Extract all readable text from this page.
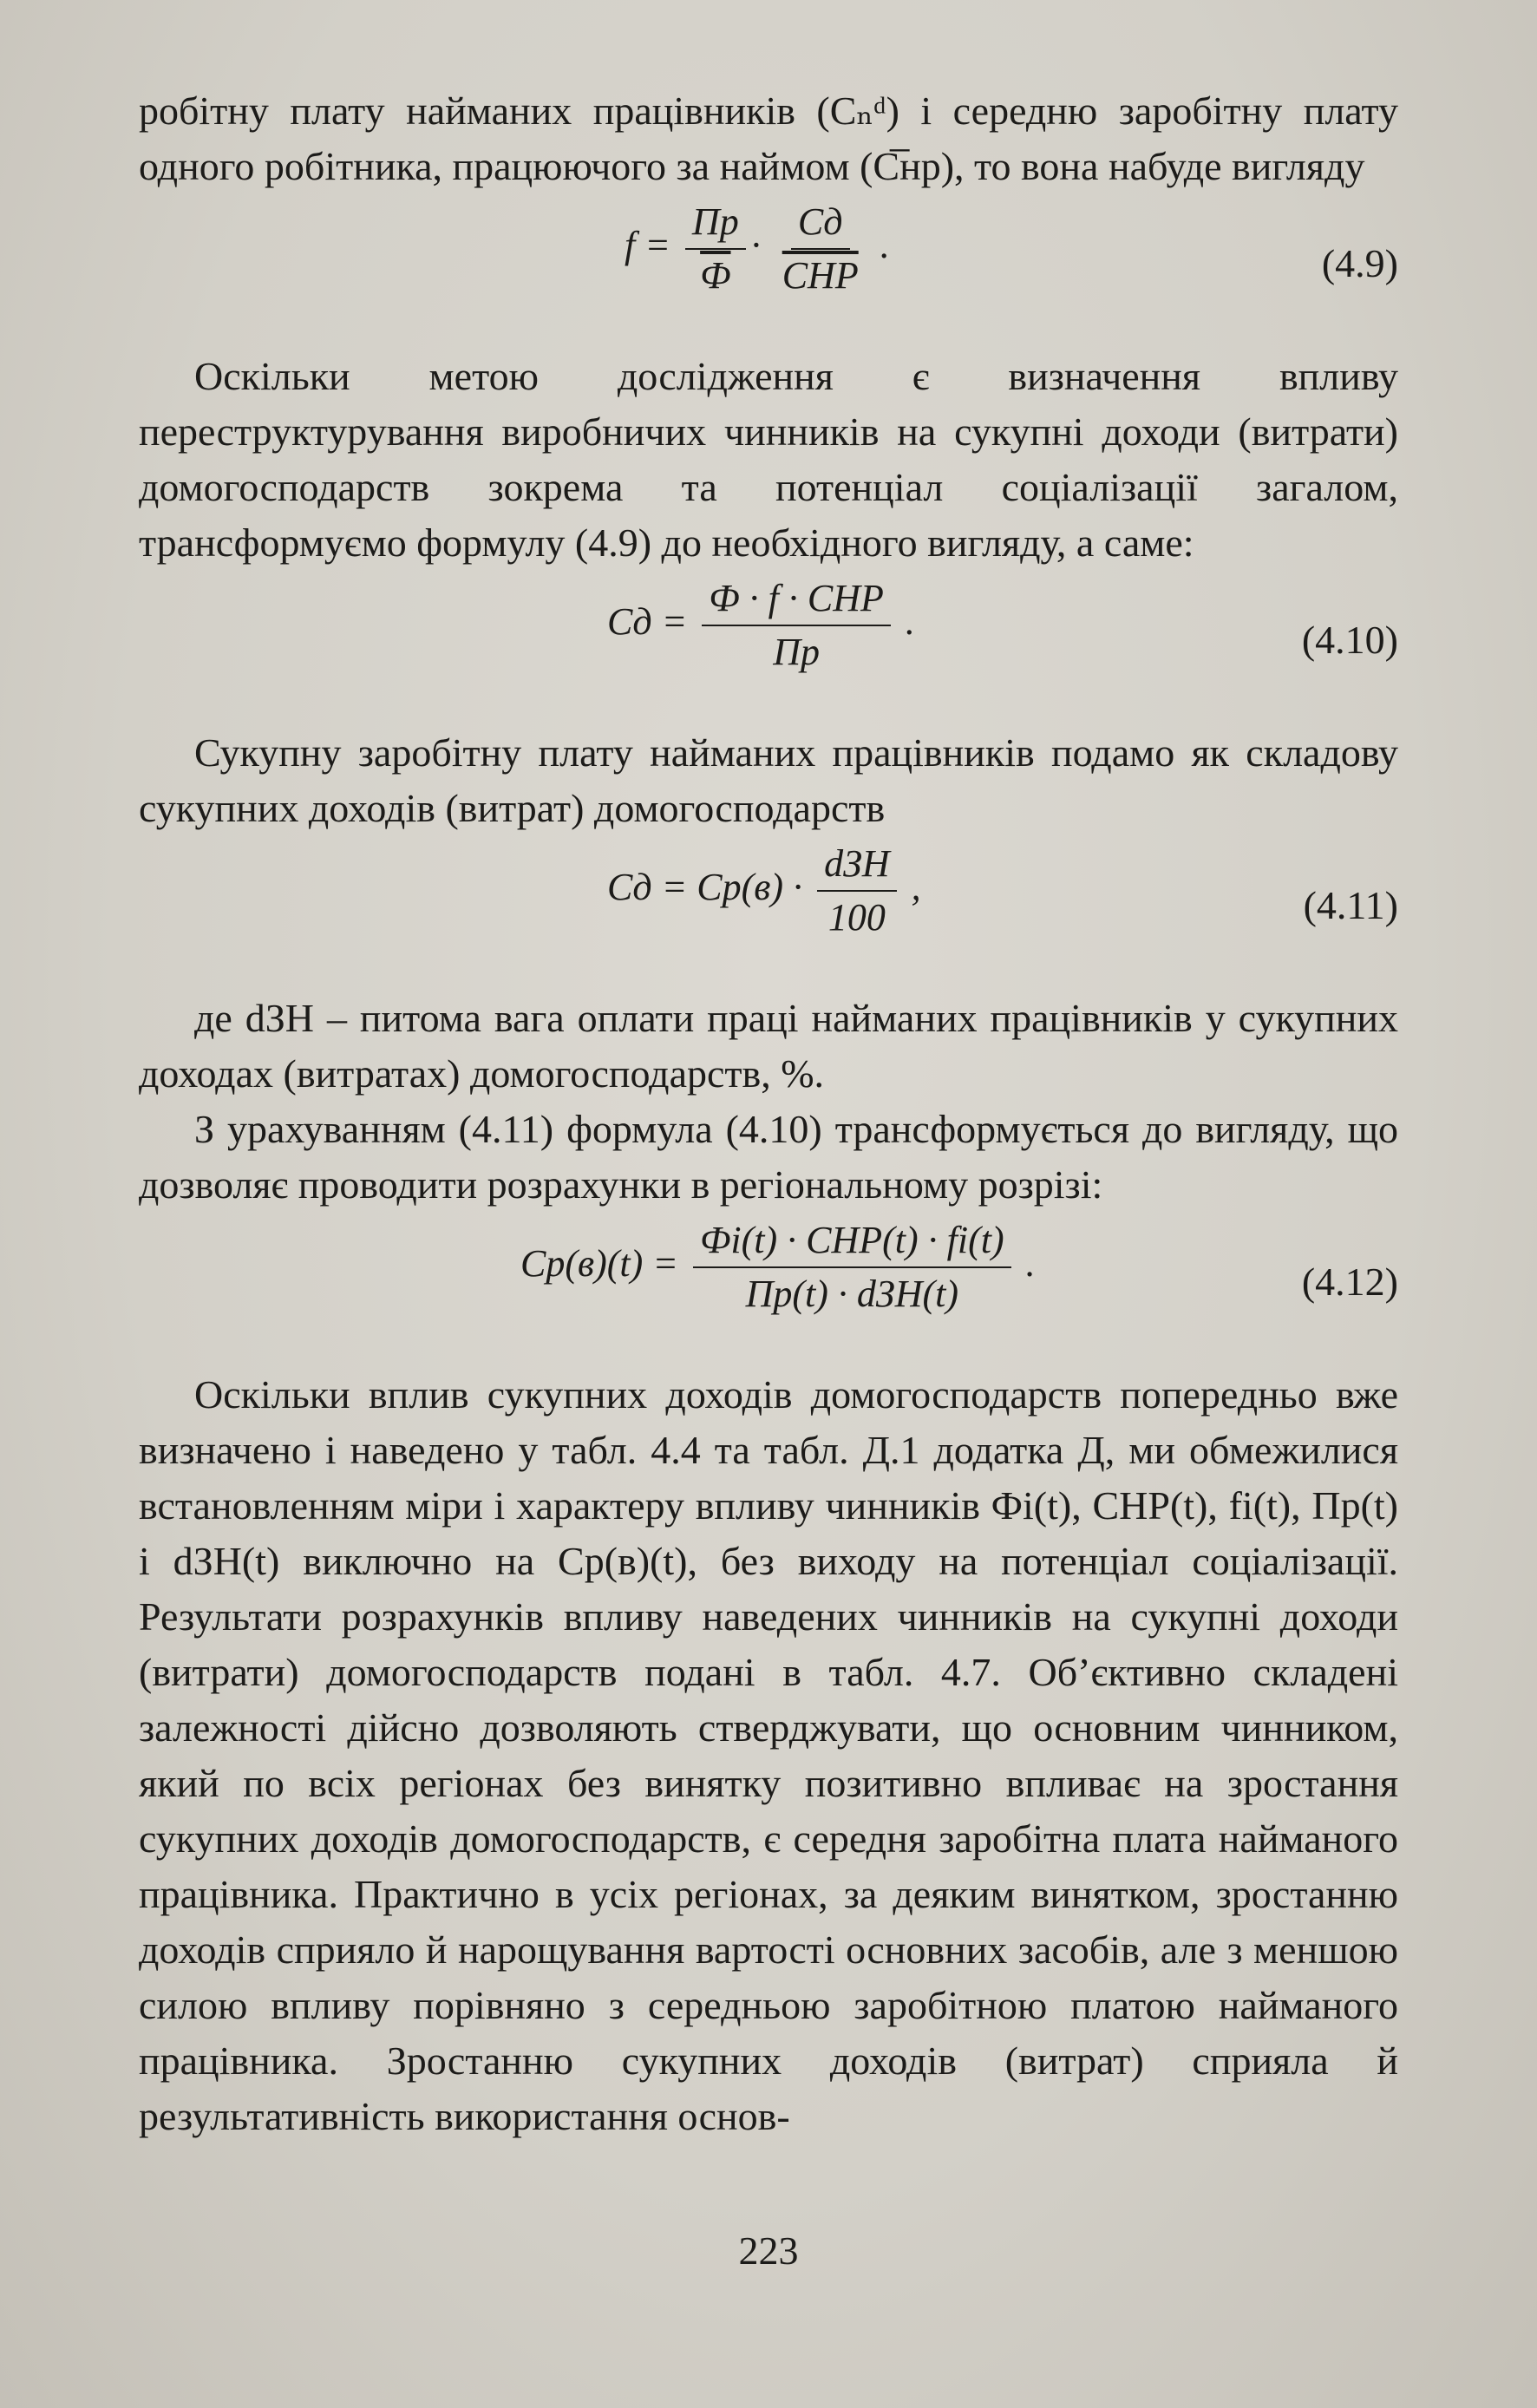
робітну плату найманих працівників (Сₙᵈ) і середню заробітну плату одного робітника, працюючого за наймом (С̅нр), то вона набуде вигляду

$f = \frac{Пр}{Ф} \cdot \frac{Cд}{\text{CНР}}$ .	(4.9)

Оскільки метою дослідження є визначення впливу переструктурування виробничих чинників на сукупні доходи (витрати) домогосподарств зокрема та потенціал соціалізації загалом, трансформуємо формулу (4.9) до необхідного вигляду, а саме:

Cд = $\frac{\text{Ф · f · CНР}}{Пр}$ .	(4.10)

Сукупну заробітну плату найманих працівників подамо як складову сукупних доходів (витрат) домогосподарств

Cд = $Cр(в) \cdot \frac{\text{dЗН}}{100}$ ,	(4.11)

де dЗН – питома вага оплати праці найманих працівників у сукупних доходах (витратах) домогосподарств, %.

З урахуванням (4.11) формула (4.10) трансформується до вигляду, що дозволяє проводити розрахунки в регіональному розрізі:

$Cр(в)(t) = \frac{\text{Фi(t) · CНР(t) · fi(t)}}{\text{Пр(t) · dЗН(t)}}$ .	(4.12)

Оскільки вплив сукупних доходів домогосподарств попередньо вже визначено і наведено у табл. 4.4 та табл. Д.1 додатка Д, ми обмежилися встановленням міри і характеру впливу чинників Фi(t), CНР(t), fi(t), Пр(t) і dЗН(t) виключно на Cр(в)(t), без виходу на потенціал соціалізації. Результати розрахунків впливу наведених чинників на сукупні доходи (витрати) домогосподарств подані в табл. 4.7. Об’єктивно складені залежності дійсно дозволяють стверджувати, що основним чинником, який по всіх регіонах без винятку позитивно впливає на зростання сукупних доходів домогосподарств, є середня заробітна плата найманого працівника. Практично в усіх регіонах, за деяким винятком, зростанню доходів сприяло й нарощування вартості основних засобів, але з меншою силою впливу порівняно з середньою заробітною платою найманого працівника. Зростанню сукупних доходів (витрат) сприяла й результативність використання основ-

223
